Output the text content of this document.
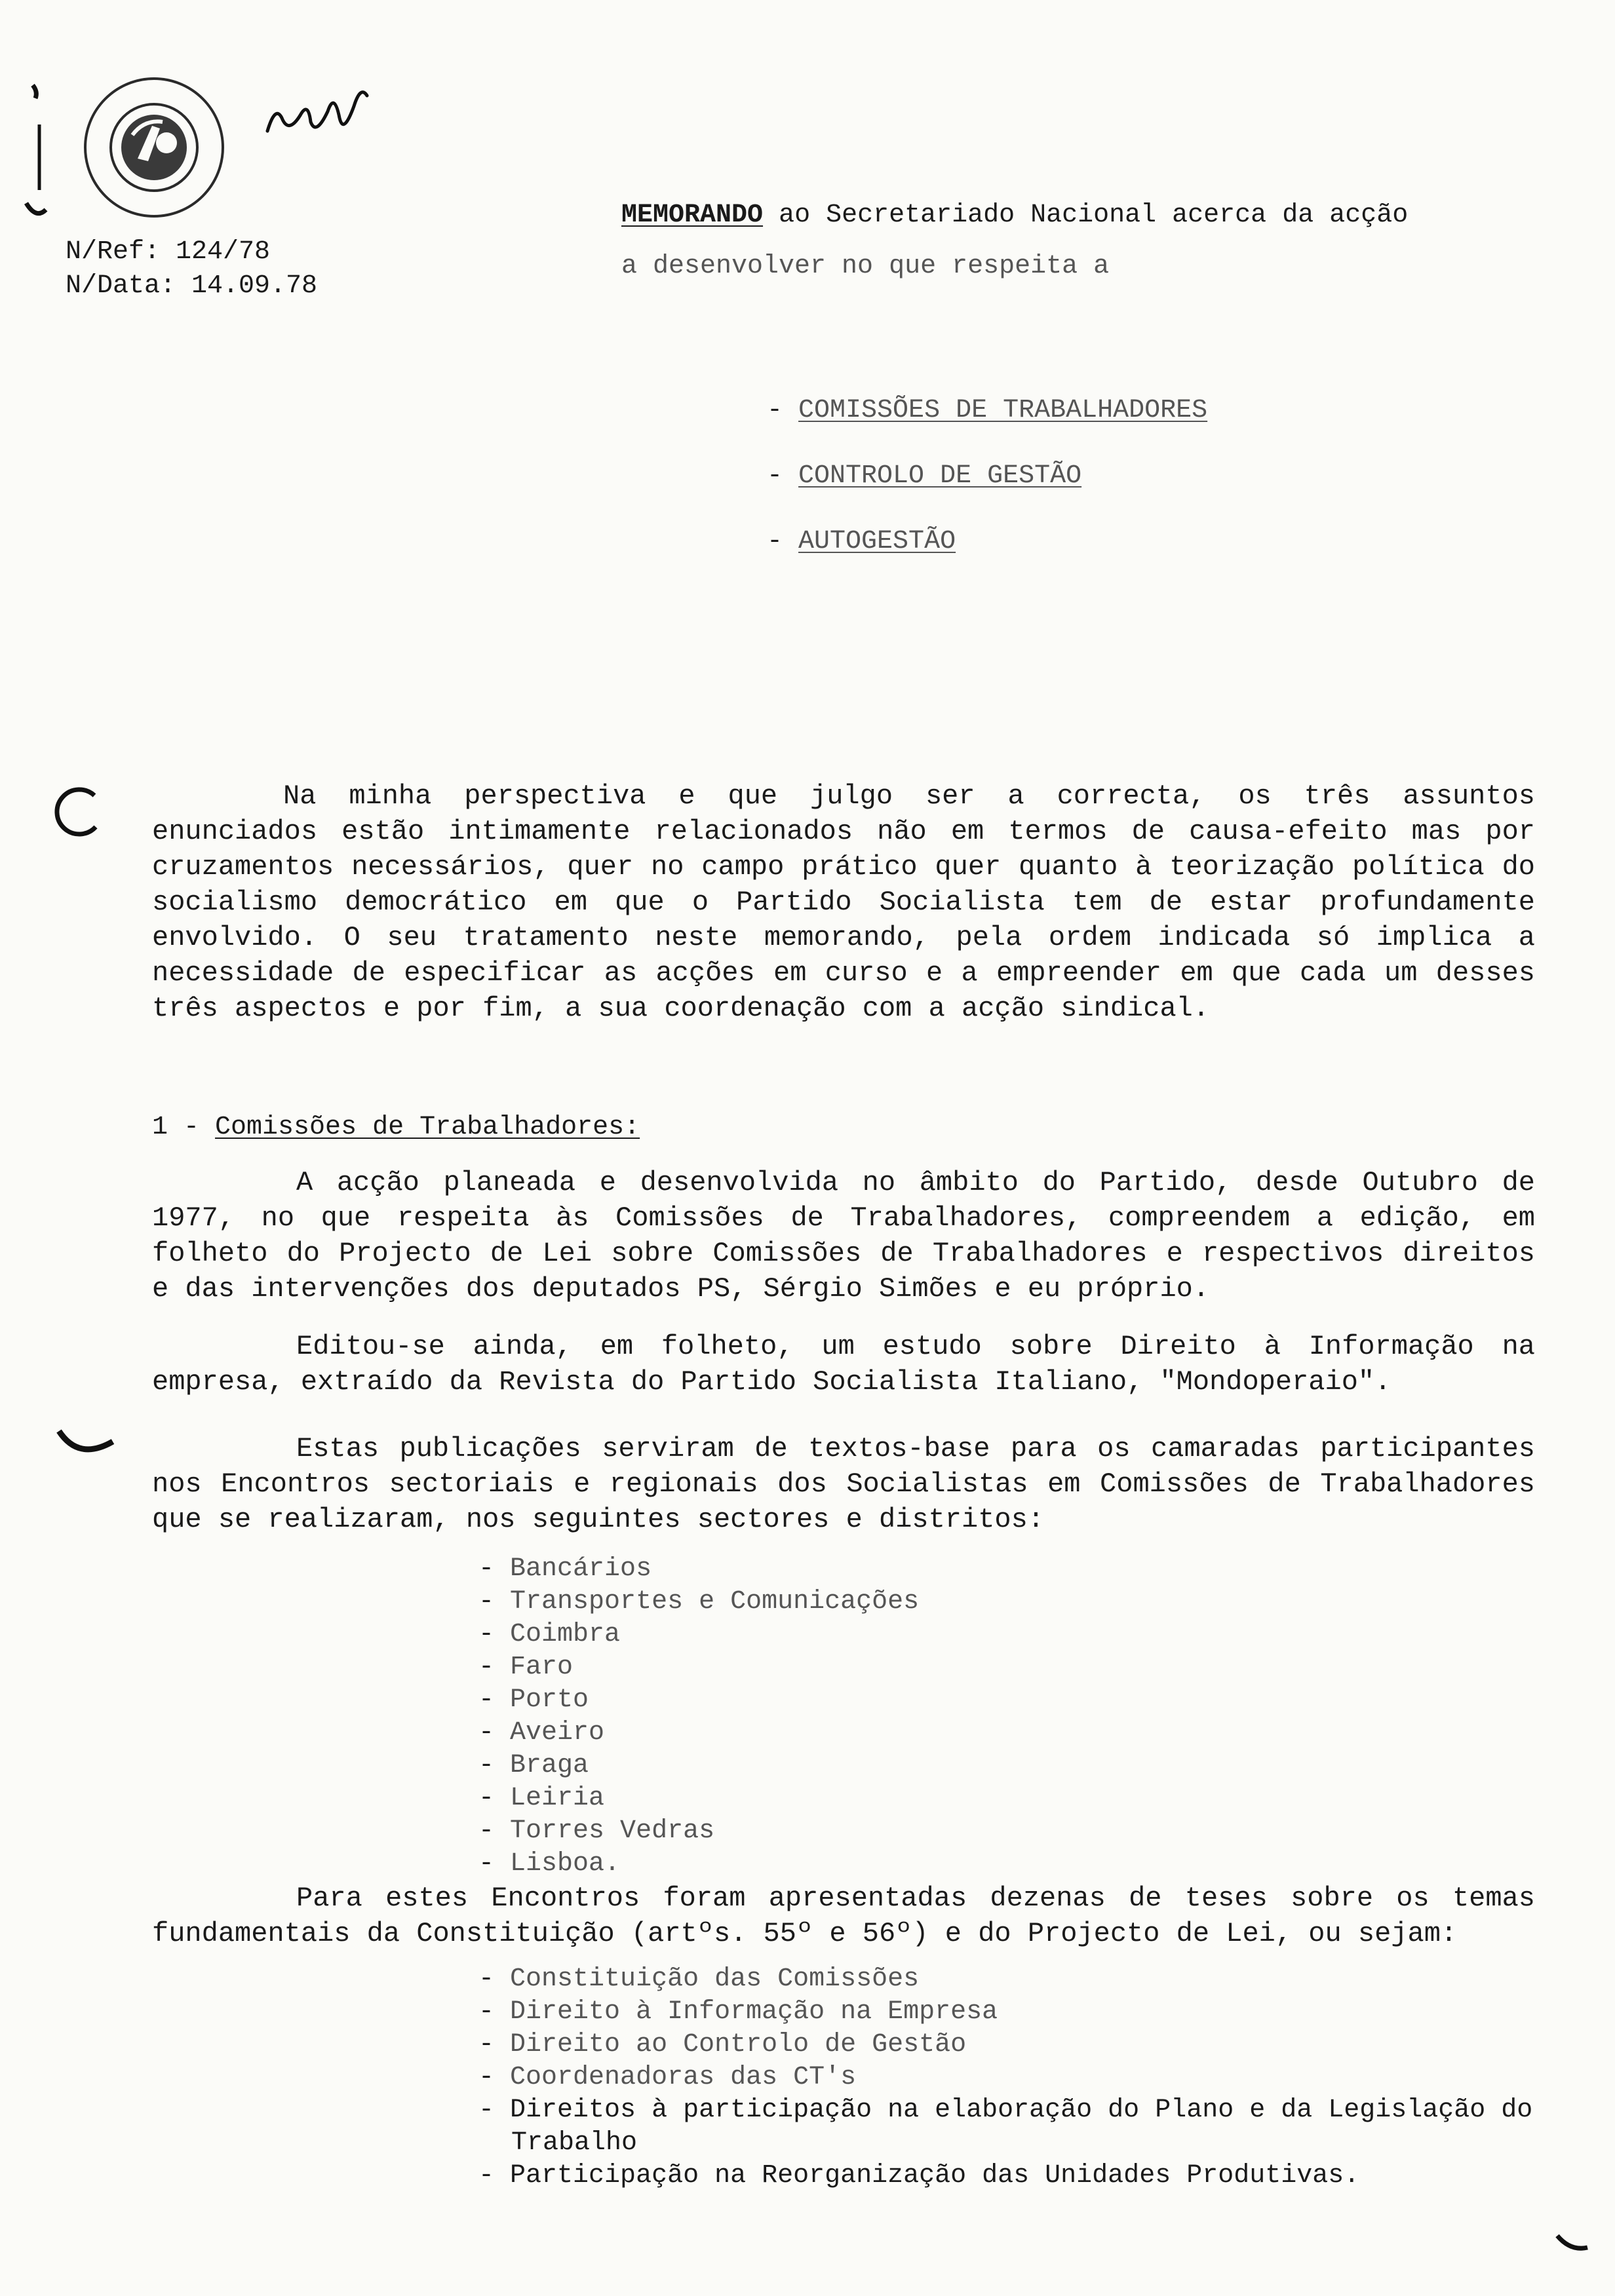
N/Ref: 124/78
N/Data: 14.09.78
MEMORANDO ao Secretariado Nacional acerca da acção
a desenvolver no que respeita a
- COMISSÕES DE TRABALHADORES
- CONTROLO DE GESTÃO
- AUTOGESTÃO
Na minha perspectiva e que julgo ser a correcta, os três assuntos enunciados estão intimamente relacionados não em termos de causa-efeito mas por cruzamentos necessários, quer no campo prático quer quanto à teorização política do socialismo democrático em que o Partido Socialista tem de estar profundamente envolvido. O seu tratamento neste memorando, pela ordem indicada só implica a necessidade de especificar as acções em curso e a empreender em que cada um desses três aspectos e por fim, a sua coordenação com a acção sindical.
1 - Comissões de Trabalhadores:
A acção planeada e desenvolvida no âmbito do Partido, desde Outubro de 1977, no que respeita às Comissões de Trabalhadores, compreendem a edição, em folheto do Projecto de Lei sobre Comissões de Trabalhadores e respectivos direitos e das intervenções dos deputados PS, Sérgio Simões e eu próprio.
Editou-se ainda, em folheto, um estudo sobre Direito à Informação na empresa, extraído da Revista do Partido Socialista Italiano, "Mondoperaio".
Estas publicações serviram de textos-base para os camaradas participantes nos Encontros sectoriais e regionais dos Socialistas em Comissões de Trabalhadores que se realizaram, nos seguintes sectores e distritos:
- Bancários
- Transportes e Comunicações
- Coimbra
- Faro
- Porto
- Aveiro
- Braga
- Leiria
- Torres Vedras
- Lisboa.
Para estes Encontros foram apresentadas dezenas de teses sobre os temas fundamentais da Constituição (artºs. 55º e 56º) e do Projecto de Lei, ou sejam:
- Constituição das Comissões
- Direito à Informação na Empresa
- Direito ao Controlo de Gestão
- Coordenadoras das CT's
- Direitos à participação na elaboração do Plano e da Legislação do Trabalho
- Participação na Reorganização das Unidades Produtivas.
